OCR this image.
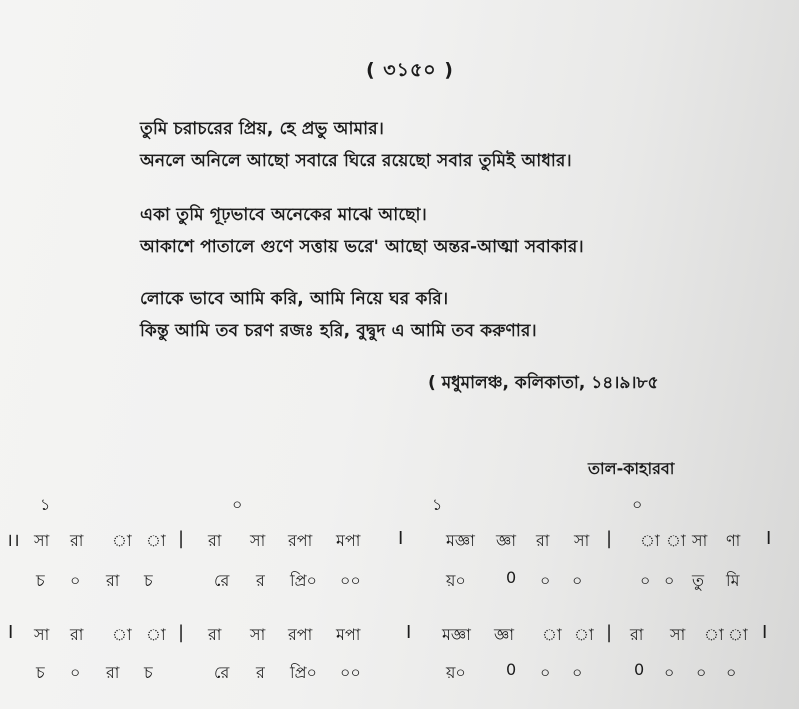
( ৩১৫০ )
তুমি চরাচরের প্রিয়, হে প্রভু আমার।
অনলে অনিলে আছো সবারে ঘিরে রয়েছো সবার তুমিই আধার।
একা তুমি গূঢ়ভাবে অনেকের মাঝে আছো।
আকাশে পাতালে গুণে সত্তায় ভরে' আছো অন্তর-আত্মা সবাকার।
লোকে ভাবে আমি করি, আমি নিয়ে ঘর করি।
কিন্তু আমি তব চরণ রজঃ হরি, বুদ্বুদ এ আমি তব করুণার।
( মধুমালঞ্চ, কলিকাতা, ১৪।৯।৮৫
তাল-কাহারবা
১	০	১	০
।। সা রা া া | রা সা রপা মপা I	মজ্ঞা জ্ঞা রা সা | া া সা ণা I
চ ০ রা চ	রে র প্রি০ ০০	য়০	0 ০ ০	০ ০ তু মি
I সা রা া া | রা সা রপা মপা	I মজ্ঞা জ্ঞা া া | রা সা া া I
চ ০ রা চ	রে র প্রি০ ০০	য়০	0 ০ ০	0 ০ ০ ০
